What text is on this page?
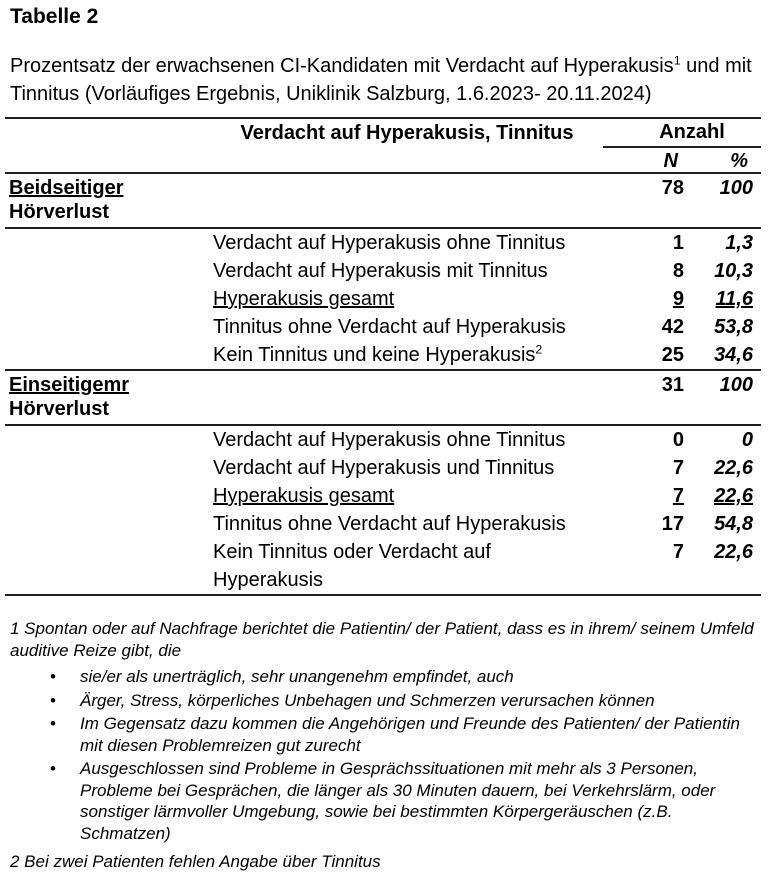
Tabelle 2

Prozentsatz der erwachsenen CI-Kandidaten mit Verdacht auf Hyperakusis$^1$ und mit Tinnitus (Vorläufiges Ergebnis, Uniklinik Salzburg, 1.6.2023- 20.11.2024)

	Verdacht auf Hyperakusis, Tinnitus	Anzahl	
		N	%
Beidseitiger
Hörverlust		78	100
	Verdacht auf Hyperakusis ohne Tinnitus	1	1,3
	Verdacht auf Hyperakusis mit Tinnitus	8	10,3
	Hyperakusis gesamt	9	11,6
	Tinnitus ohne Verdacht auf Hyperakusis	42	53,8
	Kein Tinnitus und keine Hyperakusis$^2$	25	34,6
Einseitigemr
Hörverlust		31	100
	Verdacht auf Hyperakusis ohne Tinnitus	0	0
	Verdacht auf Hyperakusis und Tinnitus	7	22,6
	Hyperakusis gesamt	7	22,6
	Tinnitus ohne Verdacht auf Hyperakusis	17	54,8
	Kein Tinnitus oder Verdacht auf Hyperakusis	7	22,6

1 Spontan oder auf Nachfrage berichtet die Patientin/ der Patient, dass es in ihrem/ seinem Umfeld auditive Reize gibt, die

• sie/er als unerträglich, sehr unangenehm empfindet, auch
• Ärger, Stress, körperliches Unbehagen und Schmerzen verursachen können
• Im Gegensatz dazu kommen die Angehörigen und Freunde des Patienten/ der Patientin mit diesen Problemreizen gut zurecht
• Ausgeschlossen sind Probleme in Gesprächssituationen mit mehr als 3 Personen, Probleme bei Gesprächen, die länger als 30 Minuten dauern, bei Verkehrslärm, oder sonstiger lärmvoller Umgebung, sowie bei bestimmten Körpergeräuschen (z.B. Schmatzen)

2 Bei zwei Patienten fehlen Angabe über Tinnitus
